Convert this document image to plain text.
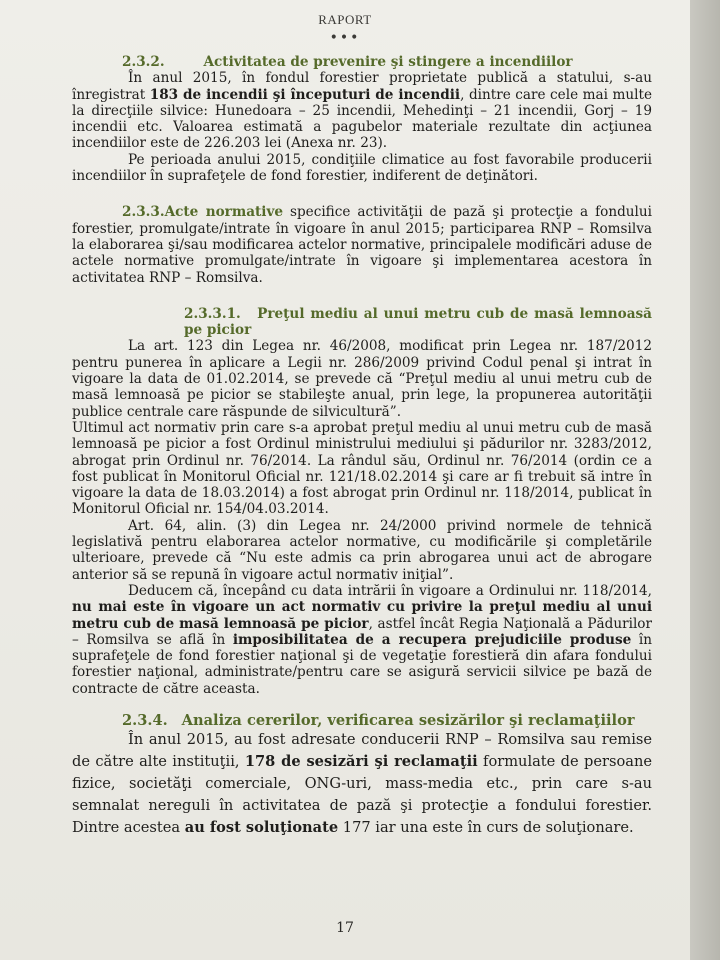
RAPORT
•••

2.3.2.	Activitatea de prevenire şi stingere a incendiilor

În anul 2015, în fondul forestier proprietate publică a statului, s-au înregistrat 183 de incendii şi începuturi de incendii, dintre care cele mai multe la direcţiile silvice: Hunedoara – 25 incendii, Mehedinţi – 21 incendii, Gorj – 19 incendii etc. Valoarea estimată a pagubelor materiale rezultate din acţiunea incendiilor este de 226.203 lei (Anexa nr. 23).

Pe perioada anului 2015, condiţiile climatice au fost favorabile producerii incendiilor în suprafeţele de fond forestier, indiferent de deţinători.

2.3.3.Acte normative specifice activităţii de pază şi protecţie a fondului forestier, promulgate/intrate în vigoare în anul 2015; participarea RNP – Romsilva la elaborarea şi/sau modificarea actelor normative, principalele modificări aduse de actele normative promulgate/intrate în vigoare şi implementarea acestora în activitatea RNP – Romsilva.

2.3.3.1. Preţul mediu al unui metru cub de masă lemnoasă pe picior

La art. 123 din Legea nr. 46/2008, modificat prin Legea nr. 187/2012 pentru punerea în aplicare a Legii nr. 286/2009 privind Codul penal şi intrat în vigoare la data de 01.02.2014, se prevede că “Preţul mediu al unui metru cub de masă lemnoasă pe picior se stabileşte anual, prin lege, la propunerea autorităţii publice centrale care răspunde de silvicultură”.

Ultimul act normativ prin care s-a aprobat preţul mediu al unui metru cub de masă lemnoasă pe picior a fost Ordinul ministrului mediului şi pădurilor nr. 3283/2012, abrogat prin Ordinul nr. 76/2014. La rândul său, Ordinul nr. 76/2014 (ordin ce a fost publicat în Monitorul Oficial nr. 121/18.02.2014 şi care ar fi trebuit să intre în vigoare la data de 18.03.2014) a fost abrogat prin Ordinul nr. 118/2014, publicat în Monitorul Oficial nr. 154/04.03.2014.

Art. 64, alin. (3) din Legea nr. 24/2000 privind normele de tehnică legislativă pentru elaborarea actelor normative, cu modificările şi completările ulterioare, prevede că “Nu este admis ca prin abrogarea unui act de abrogare anterior să se repună în vigoare actul normativ iniţial”.

Deducem că, începând cu data intrării în vigoare a Ordinului nr. 118/2014, nu mai este în vigoare un act normativ cu privire la preţul mediu al unui metru cub de masă lemnoasă pe picior, astfel încât Regia Naţională a Pădurilor – Romsilva se află în imposibilitatea de a recupera prejudiciile produse în suprafeţele de fond forestier naţional şi de vegetaţie forestieră din afara fondului forestier naţional, administrate/pentru care se asigură servicii silvice pe bază de contracte de către aceasta.

2.3.4. Analiza cererilor, verificarea sesizărilor şi reclamaţiilor

În anul 2015, au fost adresate conducerii RNP – Romsilva sau remise de către alte instituţii, 178 de sesizări şi reclamaţii formulate de persoane fizice, societăţi comerciale, ONG-uri, mass-media etc., prin care s-au semnalat nereguli în activitatea de pază şi protecţie a fondului forestier. Dintre acestea au fost soluţionate 177 iar una este în curs de soluţionare.

17
